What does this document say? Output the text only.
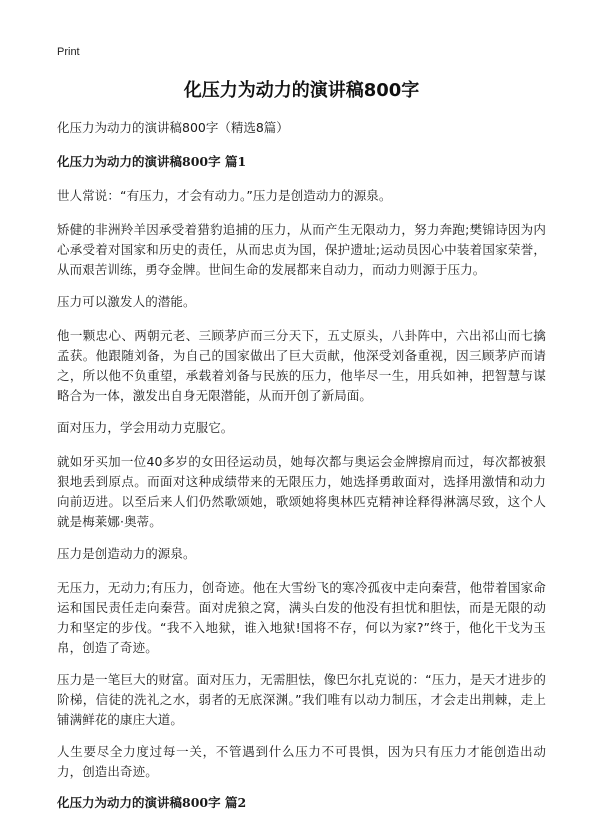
Print
化压力为动力的演讲稿800字
化压力为动力的演讲稿800字（精选8篇）
化压力为动力的演讲稿800字 篇1

世人常说：“有压力，才会有动力。”压力是创造动力的源泉。

矫健的非洲羚羊因承受着猎豹追捕的压力，从而产生无限动力，努力奔跑;樊锦诗因为内心承受着对国家和历史的责任，从而忠贞为国，保护遗址;运动员因心中装着国家荣誉，从而艰苦训练，勇夺金牌。世间生命的发展都来自动力，而动力则源于压力。

压力可以激发人的潜能。

他一颗忠心、两朝元老、三顾茅庐而三分天下，五丈原头，八卦阵中，六出祁山而七擒孟获。他跟随刘备，为自己的国家做出了巨大贡献，他深受刘备重视，因三顾茅庐而请之，所以他不负重望，承载着刘备与民族的压力，他毕尽一生，用兵如神，把智慧与谋略合为一体，激发出自身无限潜能，从而开创了新局面。

面对压力，学会用动力克服它。

就如牙买加一位40多岁的女田径运动员，她每次都与奥运会金牌擦肩而过，每次都被狠狠地丢到原点。而面对这种成绩带来的无限压力，她选择勇敢面对，选择用激情和动力向前迈进。以至后来人们仍然歌颂她，歌颂她将奥林匹克精神诠释得淋漓尽致，这个人就是梅莱娜·奥蒂。

压力是创造动力的源泉。

无压力，无动力;有压力，创奇迹。他在大雪纷飞的寒冷孤夜中走向秦营，他带着国家命运和国民责任走向秦营。面对虎狼之窝，满头白发的他没有担忧和胆怯，而是无限的动力和坚定的步伐。“我不入地狱，谁入地狱!国将不存，何以为家?”终于，他化干戈为玉帛，创造了奇迹。

压力是一笔巨大的财富。面对压力，无需胆怯，像巴尔扎克说的：“压力，是天才进步的阶梯，信徒的洗礼之水，弱者的无底深渊。”我们唯有以动力制压，才会走出荆棘，走上铺满鲜花的康庄大道。

人生要尽全力度过每一关，不管遇到什么压力不可畏惧，因为只有压力才能创造出动力，创造出奇迹。

化压力为动力的演讲稿800字 篇2
